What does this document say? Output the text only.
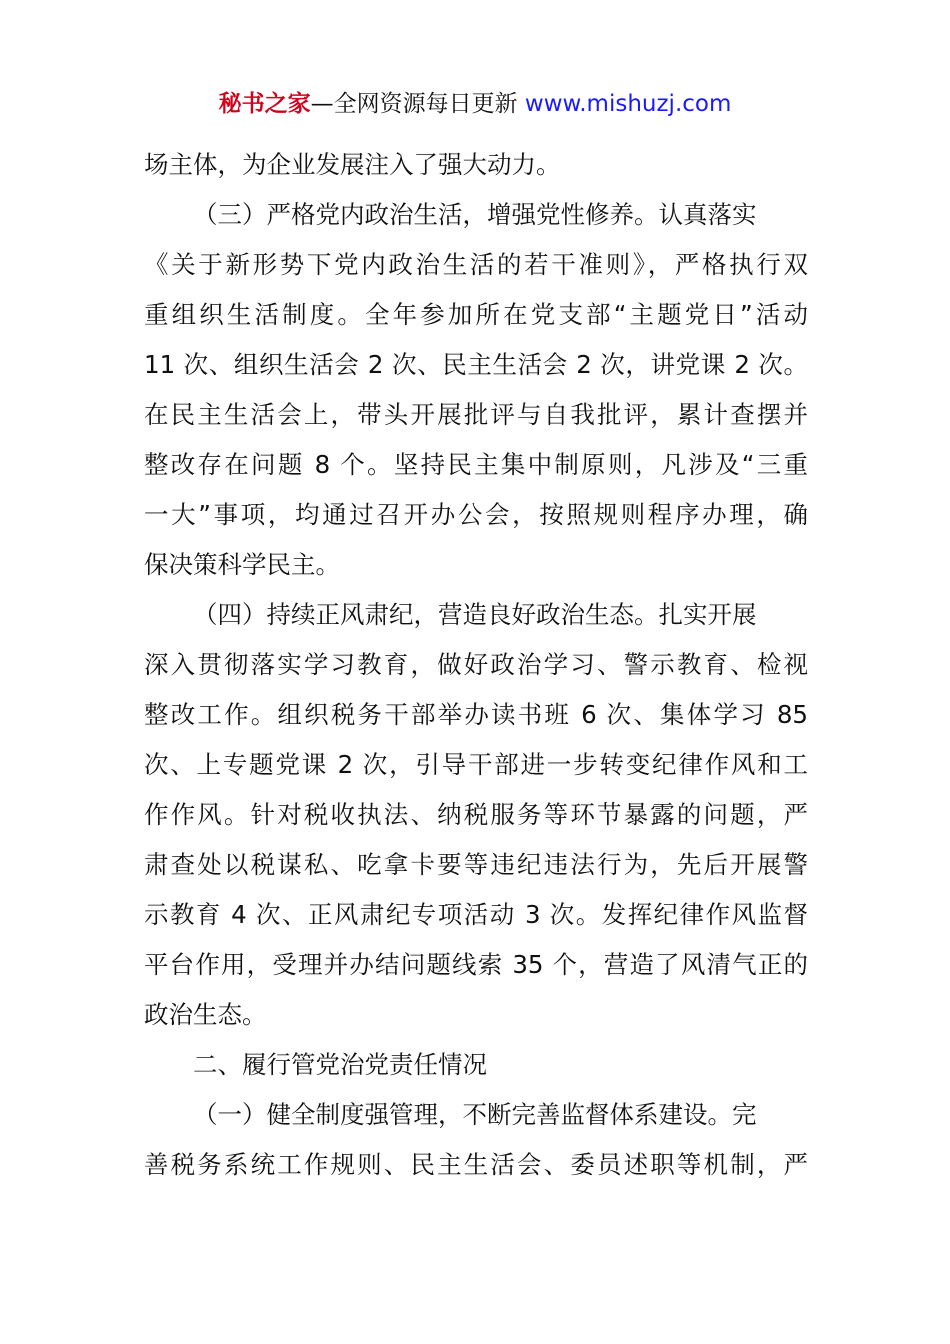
秘书之家—全网资源每日更新 www.mishuzj.com
场主体，为企业发展注入了强大动力。
（三）严格党内政治生活，增强党性修养。认真落实
《关于新形势下党内政治生活的若干准则》，严格执行双
重组织生活制度。全年参加所在党支部“主题党日”活动
11 次、组织生活会 2 次、民主生活会 2 次，讲党课 2 次。
在民主生活会上，带头开展批评与自我批评，累计查摆并
整改存在问题 8 个。坚持民主集中制原则，凡涉及“三重
一大”事项，均通过召开办公会，按照规则程序办理，确
保决策科学民主。
（四）持续正风肃纪，营造良好政治生态。扎实开展
深入贯彻落实学习教育，做好政治学习、警示教育、检视
整改工作。组织税务干部举办读书班 6 次、集体学习 85
次、上专题党课 2 次，引导干部进一步转变纪律作风和工
作作风。针对税收执法、纳税服务等环节暴露的问题，严
肃查处以税谋私、吃拿卡要等违纪违法行为，先后开展警
示教育 4 次、正风肃纪专项活动 3 次。发挥纪律作风监督
平台作用，受理并办结问题线索 35 个，营造了风清气正的
政治生态。
二、履行管党治党责任情况
（一）健全制度强管理，不断完善监督体系建设。完
善税务系统工作规则、民主生活会、委员述职等机制，严
